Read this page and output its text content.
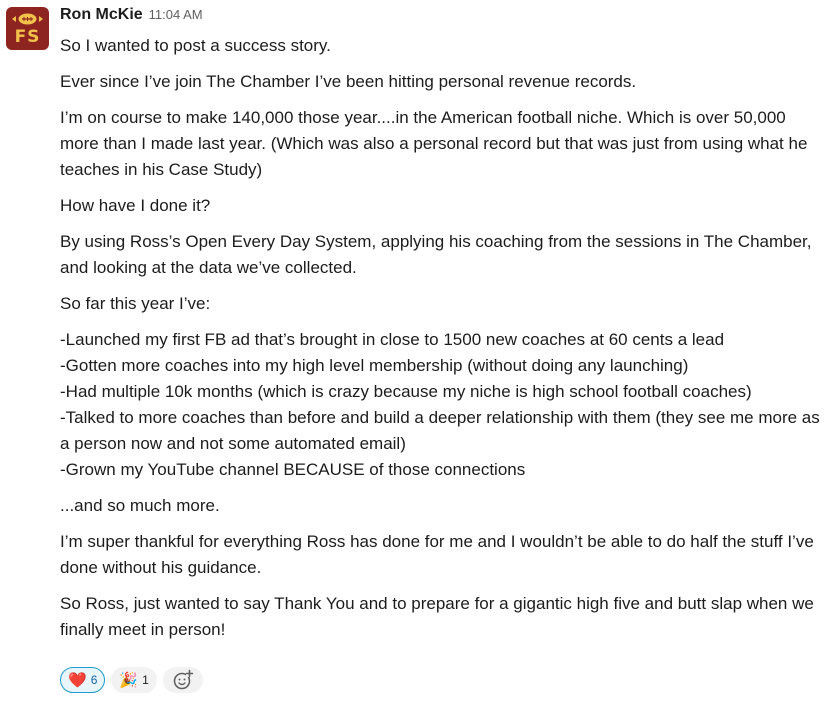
FS
Ron McKie 11:04 AM

So I wanted to post a success story.

Ever since I’ve join The Chamber I’ve been hitting personal revenue records.

I’m on course to make 140,000 those year....in the American football niche. Which is over 50,000 more than I made last year. (Which was also a personal record but that was just from using what he teaches in his Case Study)

How have I done it?

By using Ross’s Open Every Day System, applying his coaching from the sessions in The Chamber, and looking at the data we’ve collected.

So far this year I’ve:

-Launched my first FB ad that’s brought in close to 1500 new coaches at 60 cents a lead

-Gotten more coaches into my high level membership (without doing any launching)

-Had multiple 10k months (which is crazy because my niche is high school football coaches)

-Talked to more coaches than before and build a deeper relationship with them (they see me more as a person now and not some automated email)

-Grown my YouTube channel BECAUSE of those connections

...and so much more.

I’m super thankful for everything Ross has done for me and I wouldn’t be able to do half the stuff I’ve done without his guidance.

So Ross, just wanted to say Thank You and to prepare for a gigantic high five and butt slap when we finally meet in person!

❤️ 6 🎉 1
